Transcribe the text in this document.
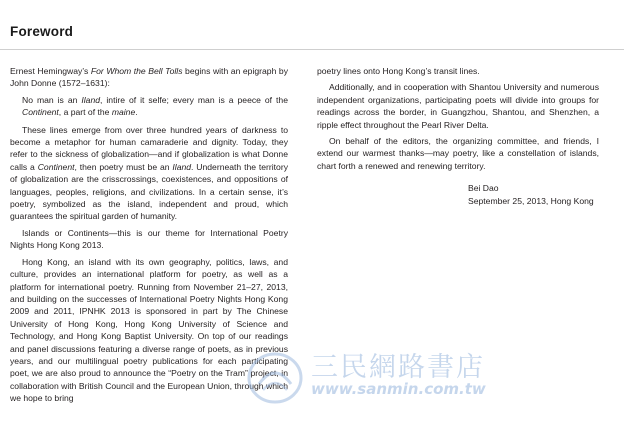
Foreword

Ernest Hemingway’s For Whom the Bell Tolls begins with an epigraph by John Donne (1572–1631):

No man is an Iland, intire of it selfe; every man is a peece of the Continent, a part of the maine.

These lines emerge from over three hundred years of darkness to become a metaphor for human camaraderie and dignity. Today, they refer to the sickness of globalization—and if globalization is what Donne calls a Continent, then poetry must be an Iland. Underneath the territory of globalization are the crisscrossings, coexistences, and oppositions of languages, peoples, religions, and civilizations. In a certain sense, it’s poetry, symbolized as the island, independent and proud, which guarantees the spiritual garden of humanity.

Islands or Continents—this is our theme for International Poetry Nights Hong Kong 2013.

Hong Kong, an island with its own geography, politics, laws, and culture, provides an international platform for poetry, as well as a platform for international poetry. Running from November 21–27, 2013, and building on the successes of International Poetry Nights Hong Kong 2009 and 2011, IPNHK 2013 is sponsored in part by The Chinese University of Hong Kong, Hong Kong University of Science and Technology, and Hong Kong Baptist University. On top of our readings and panel discussions featuring a diverse range of poets, as in previous years, and our multilingual poetry publications for each participating poet, we are also proud to announce the “Poetry on the Tram” project, in collaboration with British Council and the European Union, through which we hope to bring

poetry lines onto Hong Kong’s transit lines.

Additionally, and in cooperation with Shantou University and numerous independent organizations, participating poets will divide into groups for readings across the border, in Guangzhou, Shantou, and Shenzhen, a ripple effect throughout the Pearl River Delta.

On behalf of the editors, the organizing committee, and friends, I extend our warmest thanks—may poetry, like a constellation of islands, chart forth a renewed and renewing territory.

Bei Dao
September 25, 2013, Hong Kong
三民網路書店
www.sanmin.com.tw
